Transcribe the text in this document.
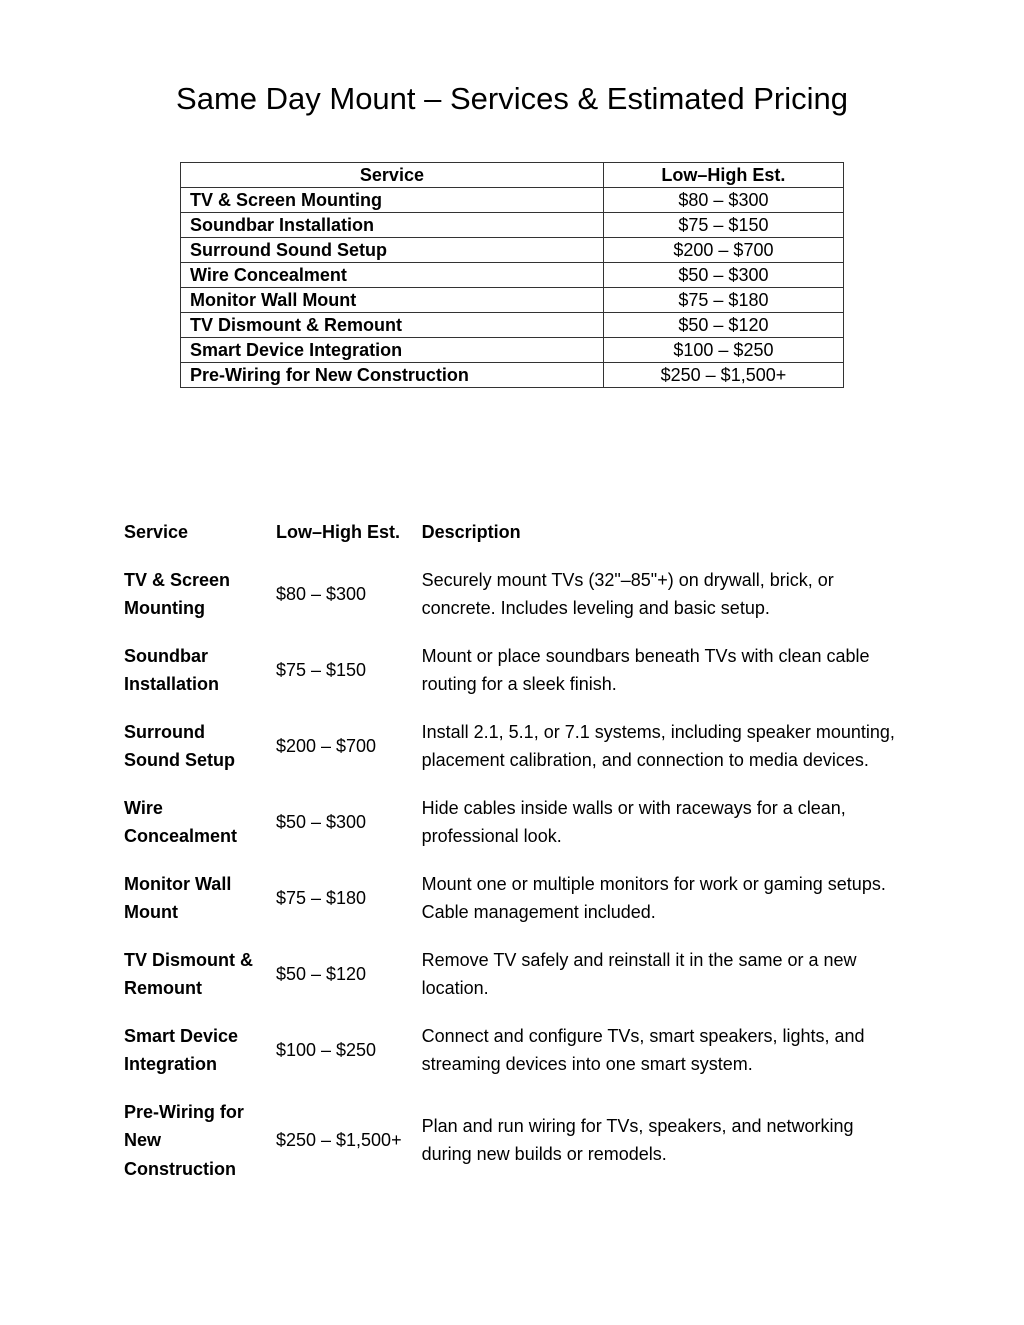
Same Day Mount – Services & Estimated Pricing
Service	Low–High Est.
TV & Screen Mounting	$80 – $300
Soundbar Installation	$75 – $150
Surround Sound Setup	$200 – $700
Wire Concealment	$50 – $300
Monitor Wall Mount	$75 – $180
TV Dismount & Remount	$50 – $120
Smart Device Integration	$100 – $250
Pre-Wiring for New Construction	$250 – $1,500+
Service	Low–High Est.	Description
TV & Screen Mounting	$80 – $300	Securely mount TVs (32"–85"+) on drywall, brick, or concrete. Includes leveling and basic setup.
Soundbar Installation	$75 – $150	Mount or place soundbars beneath TVs with clean cable routing for a sleek finish.
Surround Sound Setup	$200 – $700	Install 2.1, 5.1, or 7.1 systems, including speaker mounting, placement calibration, and connection to media devices.
Wire Concealment	$50 – $300	Hide cables inside walls or with raceways for a clean, professional look.
Monitor Wall Mount	$75 – $180	Mount one or multiple monitors for work or gaming setups. Cable management included.
TV Dismount & Remount	$50 – $120	Remove TV safely and reinstall it in the same or a new location.
Smart Device Integration	$100 – $250	Connect and configure TVs, smart speakers, lights, and streaming devices into one smart system.
Pre-Wiring for New Construction	$250 – $1,500+	Plan and run wiring for TVs, speakers, and networking during new builds or remodels.
